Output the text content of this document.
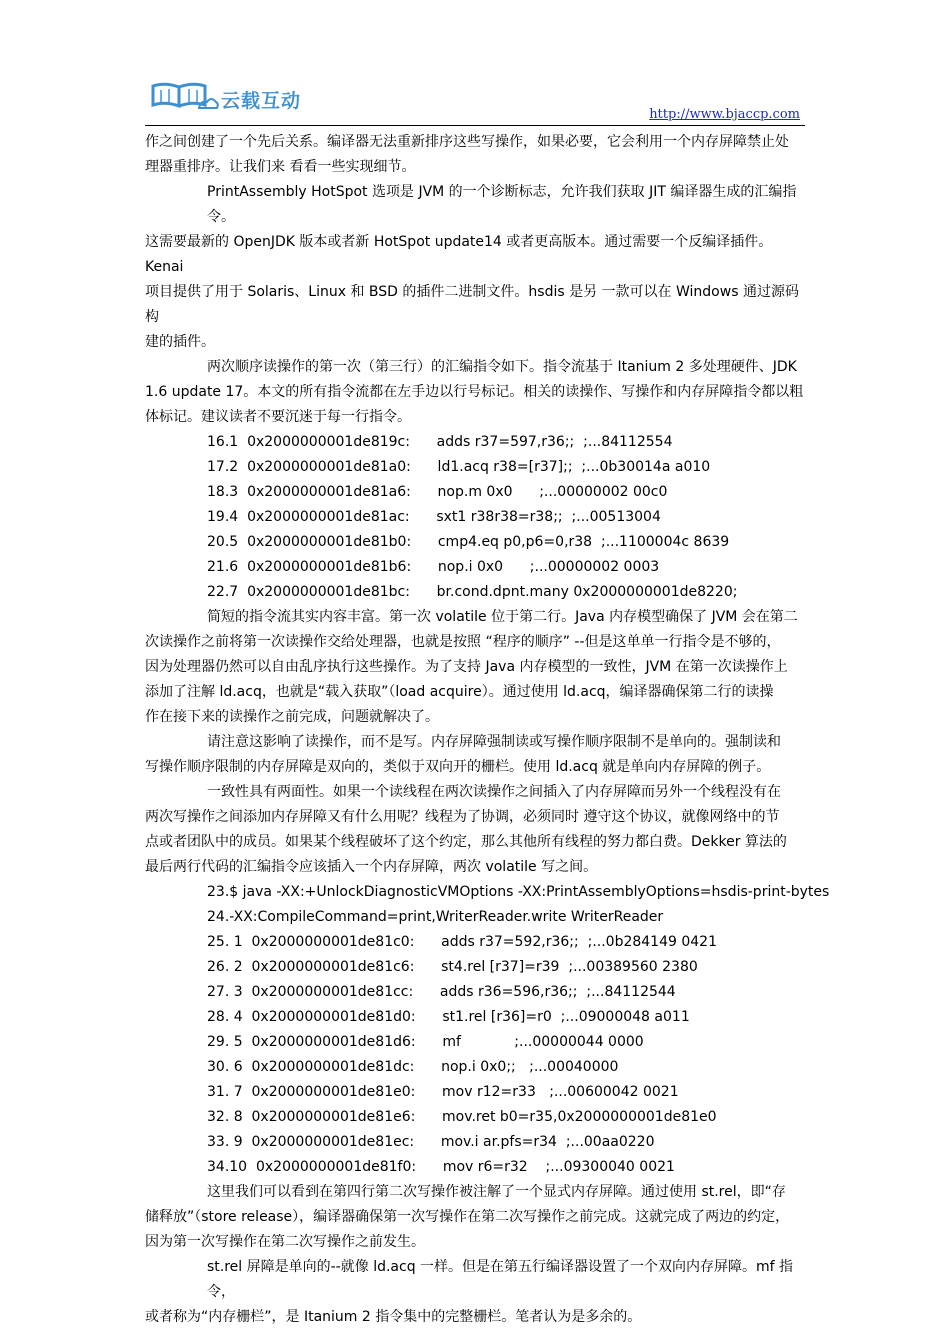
云载互动
http://www.bjaccp.com

作之间创建了一个先后关系。编译器无法重新排序这些写操作，如果必要，它会利用一个内存屏障禁止处

理器重排序。让我们来 看看一些实现细节。

PrintAssembly HotSpot 选项是 JVM 的一个诊断标志，允许我们获取 JIT 编译器生成的汇编指令。

这需要最新的 OpenJDK 版本或者新 HotSpot update14 或者更高版本。通过需要一个反编译插件。Kenai

项目提供了用于 Solaris、Linux 和 BSD 的插件二进制文件。hsdis 是另 一款可以在 Windows 通过源码构

建的插件。

两次顺序读操作的第一次（第三行）的汇编指令如下。指令流基于 Itanium 2 多处理硬件、JDK

1.6 update 17。本文的所有指令流都在左手边以行号标记。相关的读操作、写操作和内存屏障指令都以粗

体标记。建议读者不要沉迷于每一行指令。

16.1  0x2000000001de819c:      adds r37=597,r36;;  ;...84112554

17.2  0x2000000001de81a0:      ld1.acq r38=[r37];;  ;...0b30014a a010

18.3  0x2000000001de81a6:      nop.m 0x0      ;...00000002 00c0

19.4  0x2000000001de81ac:      sxt1 r38r38=r38;;  ;...00513004

20.5  0x2000000001de81b0:      cmp4.eq p0,p6=0,r38  ;...1100004c 8639

21.6  0x2000000001de81b6:      nop.i 0x0      ;...00000002 0003

22.7  0x2000000001de81bc:      br.cond.dpnt.many 0x2000000001de8220;

简短的指令流其实内容丰富。第一次 volatile 位于第二行。Java 内存模型确保了 JVM 会在第二

次读操作之前将第一次读操作交给处理器，也就是按照 “程序的顺序” --但是这单单一行指令是不够的，

因为处理器仍然可以自由乱序执行这些操作。为了支持 Java 内存模型的一致性，JVM 在第一次读操作上

添加了注解 ld.acq，也就是“载入获取”（load acquire）。通过使用 ld.acq，编译器确保第二行的读操

作在接下来的读操作之前完成，问题就解决了。

请注意这影响了读操作，而不是写。内存屏障强制读或写操作顺序限制不是单向的。强制读和

写操作顺序限制的内存屏障是双向的，类似于双向开的栅栏。使用 ld.acq 就是单向内存屏障的例子。

一致性具有两面性。如果一个读线程在两次读操作之间插入了内存屏障而另外一个线程没有在

两次写操作之间添加内存屏障又有什么用呢？线程为了协调，必须同时 遵守这个协议，就像网络中的节

点或者团队中的成员。如果某个线程破坏了这个约定，那么其他所有线程的努力都白费。Dekker 算法的

最后两行代码的汇编指令应该插入一个内存屏障，两次 volatile 写之间。

23.$ java -XX:+UnlockDiagnosticVMOptions -XX:PrintAssemblyOptions=hsdis-print-bytes

24.-XX:CompileCommand=print,WriterReader.write WriterReader

25. 1  0x2000000001de81c0:      adds r37=592,r36;;  ;...0b284149 0421

26. 2  0x2000000001de81c6:      st4.rel [r37]=r39  ;...00389560 2380

27. 3  0x2000000001de81cc:      adds r36=596,r36;;  ;...84112544

28. 4  0x2000000001de81d0:      st1.rel [r36]=r0  ;...09000048 a011

29. 5  0x2000000001de81d6:      mf            ;...00000044 0000

30. 6  0x2000000001de81dc:      nop.i 0x0;;   ;...00040000

31. 7  0x2000000001de81e0:      mov r12=r33   ;...00600042 0021

32. 8  0x2000000001de81e6:      mov.ret b0=r35,0x2000000001de81e0

33. 9  0x2000000001de81ec:      mov.i ar.pfs=r34  ;...00aa0220

34.10  0x2000000001de81f0:      mov r6=r32    ;...09300040 0021

这里我们可以看到在第四行第二次写操作被注解了一个显式内存屏障。通过使用 st.rel，即“存

储释放”（store release），编译器确保第一次写操作在第二次写操作之前完成。这就完成了两边的约定，

因为第一次写操作在第二次写操作之前发生。

st.rel 屏障是单向的--就像 ld.acq 一样。但是在第五行编译器设置了一个双向内存屏障。mf 指令，

或者称为“内存栅栏”，是 Itanium 2 指令集中的完整栅栏。笔者认为是多余的。
